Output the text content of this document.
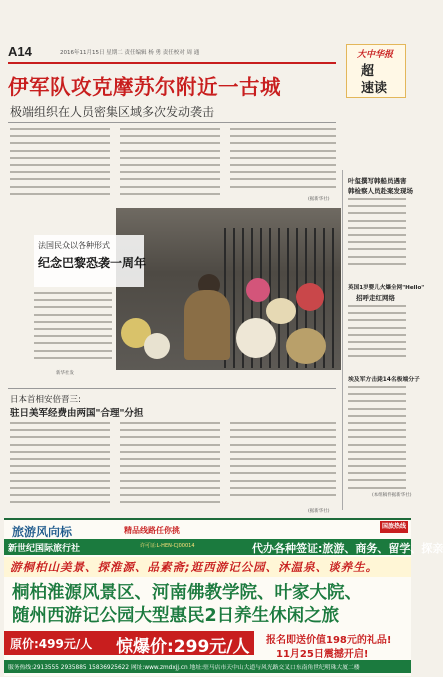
A14	2016年11月15日 星期二 责任编辑 杨 勇 责任校对 周 通	大中华报
超
速读
伊军队攻克摩苏尔附近一古城
极端组织在人员密集区域多次发动袭击
(据新华社)
新华社发
法国民众以各种形式
纪念巴黎恐袭一周年
叶玺撰写韩船员遇害
韩检察人员赴案发现场
英国1岁婴儿火爆全网"Hello"
招呼走红网络
埃及军方击毙14名极端分子
(本组稿件据新华社)
日本首相安倍晋三:
驻日美军经费由两国"合理"分担
(据新华社)
旅游风向标	精品线路任你挑	国旅热线
新世纪国际旅行社	许可证:L-HEN-CJ00014	代办各种签证:旅游、商务、留学、探亲
游桐柏山美景、探淮源、品素斋;逛西游记公园、沐温泉、谈养生。
桐柏淮源风景区、河南佛教学院、叶家大院、
随州西游记公园大型惠民2日养生休闲之旅
原价:499元/人 惊爆价:299元/人 报名即送价值198元的礼品!
11月25日震撼开启!
服务热线:2913555 2935885 15836925622 网址:www.zmdxjj.cn 地址:驻马店市天中山大道与风光路交叉口东南角世纪明珠大厦二楼
